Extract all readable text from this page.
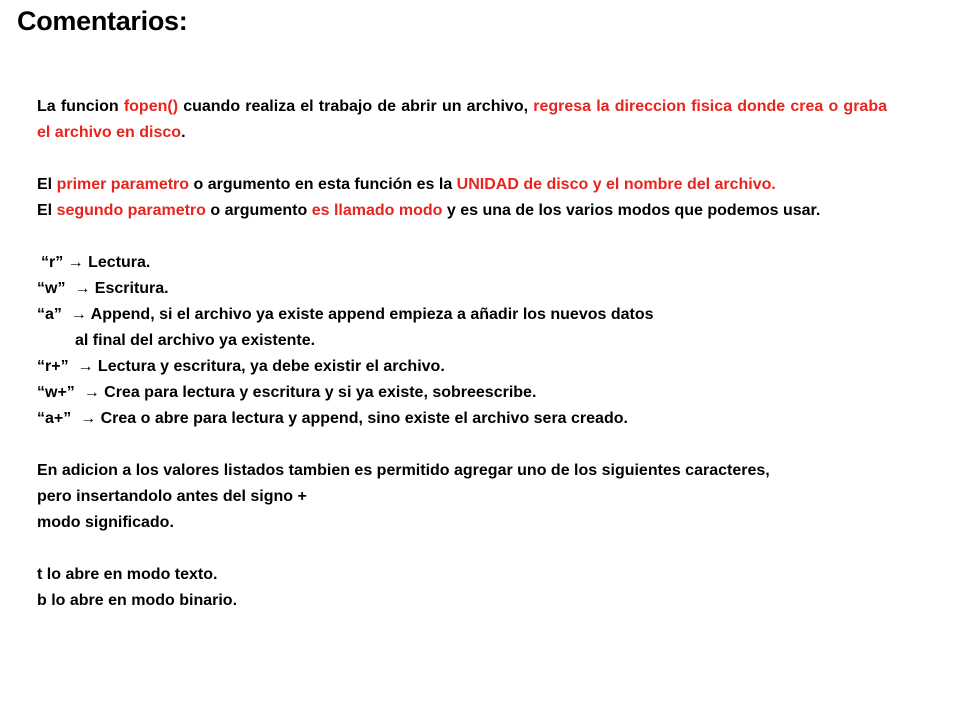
Comentarios:

La funcion fopen() cuando realiza el trabajo de abrir un archivo, regresa la direccion fisica donde crea o graba el archivo en disco.

El primer parametro o argumento en esta función es la UNIDAD de disco y el nombre del archivo.

El segundo parametro o argumento es llamado modo y es una de los varios modos que podemos usar.

“r” → Lectura.

“w”  → Escritura.

“a”  → Append, si el archivo ya existe append empieza a añadir los nuevos datos

al final del archivo ya existente.

“r+”  → Lectura y escritura, ya debe existir el archivo.

“w+”  → Crea para lectura y escritura y si ya existe, sobreescribe.

“a+”  → Crea o abre para lectura y append, sino existe el archivo sera creado.

En adicion a los valores listados tambien es permitido agregar uno de los siguientes caracteres,

pero insertandolo antes del signo +

modo significado.

t lo abre en modo texto.

b lo abre en modo binario.
